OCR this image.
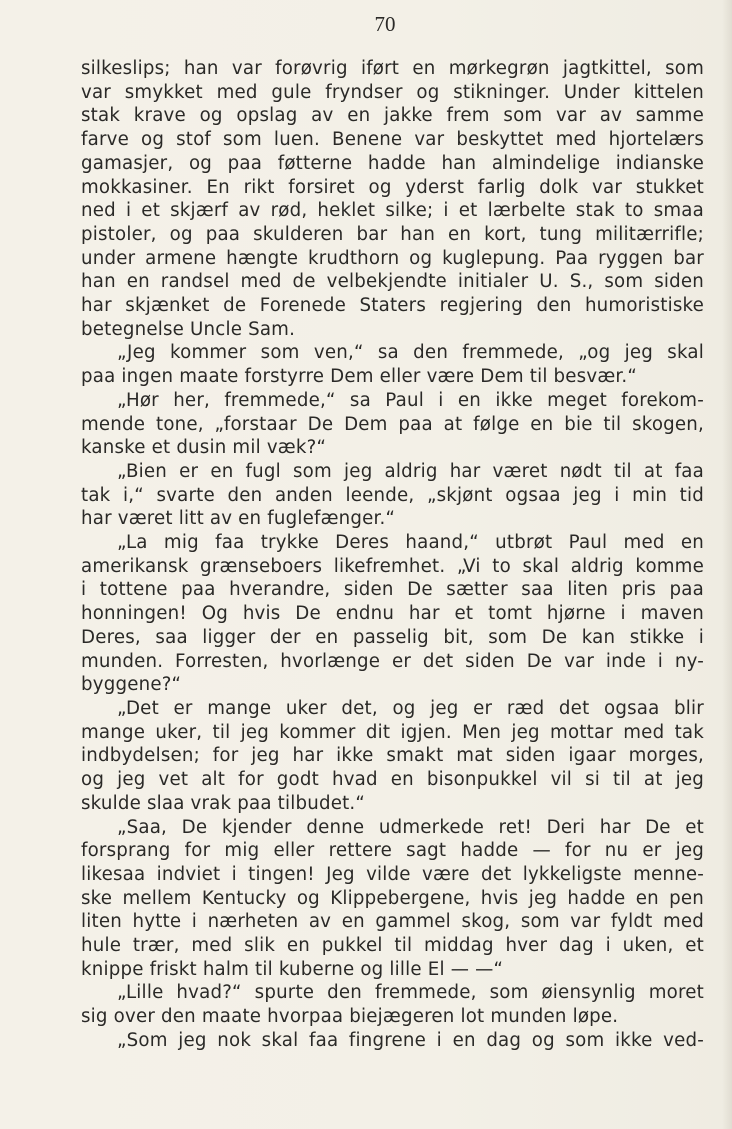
70
silkeslips; han var forøvrig iført en mørkegrøn jagtkittel, som
var smykket med gule fryndser og stikninger. Under kittelen
stak krave og opslag av en jakke frem som var av samme
farve og stof som luen. Benene var beskyttet med hjortelærs
gamasjer, og paa føtterne hadde han almindelige indianske
mokkasiner. En rikt forsiret og yderst farlig dolk var stukket
ned i et skjærf av rød, heklet silke; i et lærbelte stak to smaa
pistoler, og paa skulderen bar han en kort, tung militærrifle;
under armene hængte krudthorn og kuglepung. Paa ryggen bar
han en randsel med de velbekjendte initialer U. S., som siden
har skjænket de Forenede Staters regjering den humoristiske
betegnelse Uncle Sam.
„Jeg kommer som ven,“ sa den fremmede, „og jeg skal
paa ingen maate forstyrre Dem eller være Dem til besvær.“
„Hør her, fremmede,“ sa Paul i en ikke meget forekom-
mende tone, „forstaar De Dem paa at følge en bie til skogen,
kanske et dusin mil væk?“
„Bien er en fugl som jeg aldrig har været nødt til at faa
tak i,“ svarte den anden leende, „skjønt ogsaa jeg i min tid
har været litt av en fuglefænger.“
„La mig faa trykke Deres haand,“ utbrøt Paul med en
amerikansk grænseboers likefremhet. „Vi to skal aldrig komme
i tottene paa hverandre, siden De sætter saa liten pris paa
honningen! Og hvis De endnu har et tomt hjørne i maven
Deres, saa ligger der en passelig bit, som De kan stikke i
munden. Forresten, hvorlænge er det siden De var inde i ny-
byggene?“
„Det er mange uker det, og jeg er ræd det ogsaa blir
mange uker, til jeg kommer dit igjen. Men jeg mottar med tak
indbydelsen; for jeg har ikke smakt mat siden igaar morges,
og jeg vet alt for godt hvad en bisonpukkel vil si til at jeg
skulde slaa vrak paa tilbudet.“
„Saa, De kjender denne udmerkede ret! Deri har De et
forsprang for mig eller rettere sagt hadde — for nu er jeg
likesaa indviet i tingen! Jeg vilde være det lykkeligste menne-
ske mellem Kentucky og Klippebergene, hvis jeg hadde en pen
liten hytte i nærheten av en gammel skog, som var fyldt med
hule trær, med slik en pukkel til middag hver dag i uken, et
knippe friskt halm til kuberne og lille El — —“
„Lille hvad?“ spurte den fremmede, som øiensynlig moret
sig over den maate hvorpaa biejægeren lot munden løpe.
„Som jeg nok skal faa fingrene i en dag og som ikke ved-
